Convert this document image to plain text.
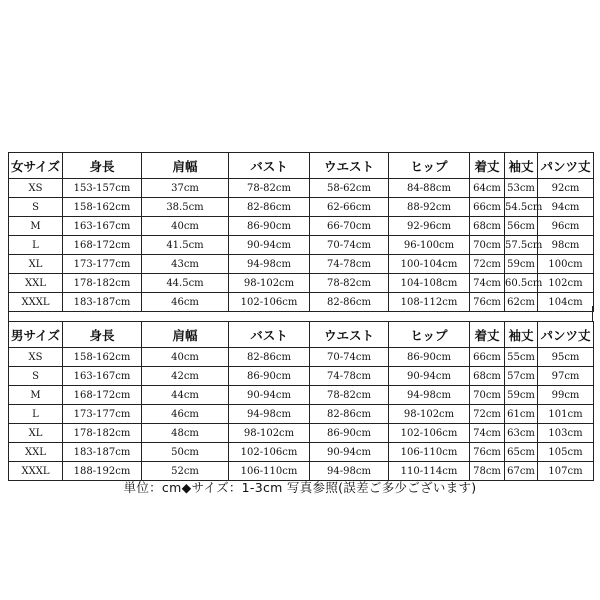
女サイズ	身長	肩幅	バスト	ウエスト	ヒップ	着丈	袖丈	パンツ丈
XS	153-157cm	37cm	78-82cm	58-62cm	84-88cm	64cm	53cm	92cm
S	158-162cm	38.5cm	82-86cm	62-66cm	88-92cm	66cm	54.5cm	94cm
M	163-167cm	40cm	86-90cm	66-70cm	92-96cm	68cm	56cm	96cm
L	168-172cm	41.5cm	90-94cm	70-74cm	96-100cm	70cm	57.5cm	98cm
XL	173-177cm	43cm	94-98cm	74-78cm	100-104cm	72cm	59cm	100cm
XXL	178-182cm	44.5cm	98-102cm	78-82cm	104-108cm	74cm	60.5cm	102cm
XXXL	183-187cm	46cm	102-106cm	82-86cm	108-112cm	76cm	62cm	104cm
男サイズ	身長	肩幅	バスト	ウエスト	ヒップ	着丈	袖丈	パンツ丈
XS	158-162cm	40cm	82-86cm	70-74cm	86-90cm	66cm	55cm	95cm
S	163-167cm	42cm	86-90cm	74-78cm	90-94cm	68cm	57cm	97cm
M	168-172cm	44cm	90-94cm	78-82cm	94-98cm	70cm	59cm	99cm
L	173-177cm	46cm	94-98cm	82-86cm	98-102cm	72cm	61cm	101cm
XL	178-182cm	48cm	98-102cm	86-90cm	102-106cm	74cm	63cm	103cm
XXL	183-187cm	50cm	102-106cm	90-94cm	106-110cm	76cm	65cm	105cm
XXXL	188-192cm	52cm	106-110cm	94-98cm	110-114cm	78cm	67cm	107cm
単位：cm◆サイズ：1-3cm 写真参照(誤差ご多少ございます)
